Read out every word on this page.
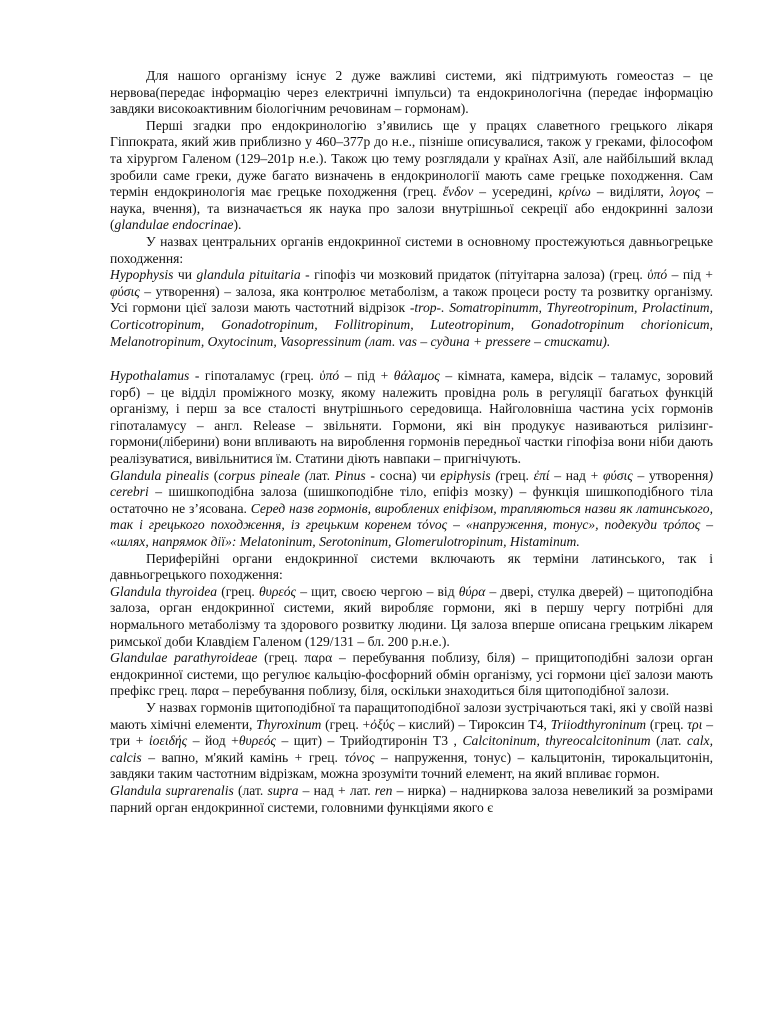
Для нашого організму існує 2 дуже важливі системи, які підтримують гомеостаз – це нервова(передає інформацію через електричні імпульси) та ендокринологічна (передає інформацію завдяки високоактивним біологічним речовинам – гормонам).

Перші згадки про ендокринологію з’явились ще у працях славетного грецького лікаря Гіппократа, який жив приблизно у 460–377р до н.е., пізніше описувалися, також у греками, філософом та хірургом Галеном (129–201р н.е.). Також цю тему розглядали у країнах Азії, але найбільший вклад зробили саме греки, дуже багато визначень в ендокринології мають саме грецьке походження. Сам термін ендокринологія має грецьке походження (грец. ἔνδον – усередині, κρίνω – виділяти, λογος – наука, вчення), та визначається як наука про залози внутрішньої секреції або ендокринні залози (glandulae endocrinae).

У назвах центральних органів ендокринної системи в основному простежуються давньогрецьке походження:

Hypophysis чи glandula pituitaria - гіпофіз чи мозковий придаток (пітуітарна залоза) (грец. ὑπό – під + φύσις – утворення) – залоза, яка контролює метаболізм, а також процеси росту та розвитку організму. Усі гормони цієї залози мають частотний відрізок -trop-. Somatropinumm, Thyreotropinum, Prolactinum, Corticotropinum, Gonadotropinum, Follitropinum, Luteotropinum, Gonadotropinum chorionicum, Melanotropinum, Oxytocinum, Vasopressinum (лат. vas – судина + pressere – стискати).

Hypothalamus - гіпоталамус (грец. ὑπό – під + θάλαμος – кімната, камера, відсік – таламус, зоровий горб) – це відділ проміжного мозку, якому належить провідна роль в регуляції багатьох функцій організму, і перш за все сталості внутрішнього середовища. Найголовніша частина усіх гормонів гіпоталамусу – англ. Release – звільняти. Гормони, які він продукує називаються рилізинг-гормони(ліберини) вони впливають на вироблення гормонів передньої частки гіпофіза вони ніби дають реалізуватися, вивільнитися їм. Статини діють навпаки – пригнічують.

Glandula pinealis (corpus pineale (лат. Pinus - сосна) чи epiphysis (грец. ἐπί – над + φύσις – утворення) cerebri – шишкоподібна залоза (шишкоподібне тіло, епіфіз мозку) – функція шишкоподібного тіла остаточно не з’ясована. Серед назв гормонів, вироблених епіфізом, трапляються назви як латинського, так і грецького походження, із грецьким коренем τόνος – «напруження, тонус», подекуди τρόπος – «шлях, напрямок дії»: Melatoninum, Serotoninum, Glomerulotropinum, Histaminum.

Периферійні органи ендокринної системи включають як терміни латинського, так і давньогрецького походження:

Glandula thyroidea (грец. θυρεός – щит, своєю чергою – від θύρα – двері, стулка дверей) – щитоподібна залоза, орган ендокринної системи, який виробляє гормони, які в першу чергу потрібні для нормального метаболізму та здорового розвитку людини. Ця залоза вперше описана грецьким лікарем римської доби Клавдієм Галеном (129/131 – бл. 200 р.н.е.).

Glandulae parathyroideae (грец. παρα – перебування поблизу, біля) – прищитоподібні залози орган ендокринної системи, що регулює кальцію-фосфорний обмін організму, усі гормони цієї залози мають префікс грец. παρα – перебування поблизу, біля, оскільки знаходиться біля щитоподібної залози.

У назвах гормонів щитоподібної та паращитоподібної залози зустрічаються такі, які у своїй назві мають хімічні елементи, Thyroxinum (грец. +ὀξύς – кислий) – Тироксин Т4, Triiodthyroninum (грец. τρι – три + ἰοειδής – йод +θυρεός – щит) – Трийодтиронін Т3 , Calcitoninum, thyreocalcitoninum (лат. calx, calcis – вапно, м'який камінь + грец. τόνος – напруження, тонус) – кальцитонін, тирокальцитонін, завдяки таким частотним відрізкам, можна зрозуміти точний елемент, на який впливає гормон.

Glandula suprarenalis (лат. supra – над + лат. ren – нирка) – надниркова залоза невеликий за розмірами парний орган ендокринної системи, головними функціями якого є
